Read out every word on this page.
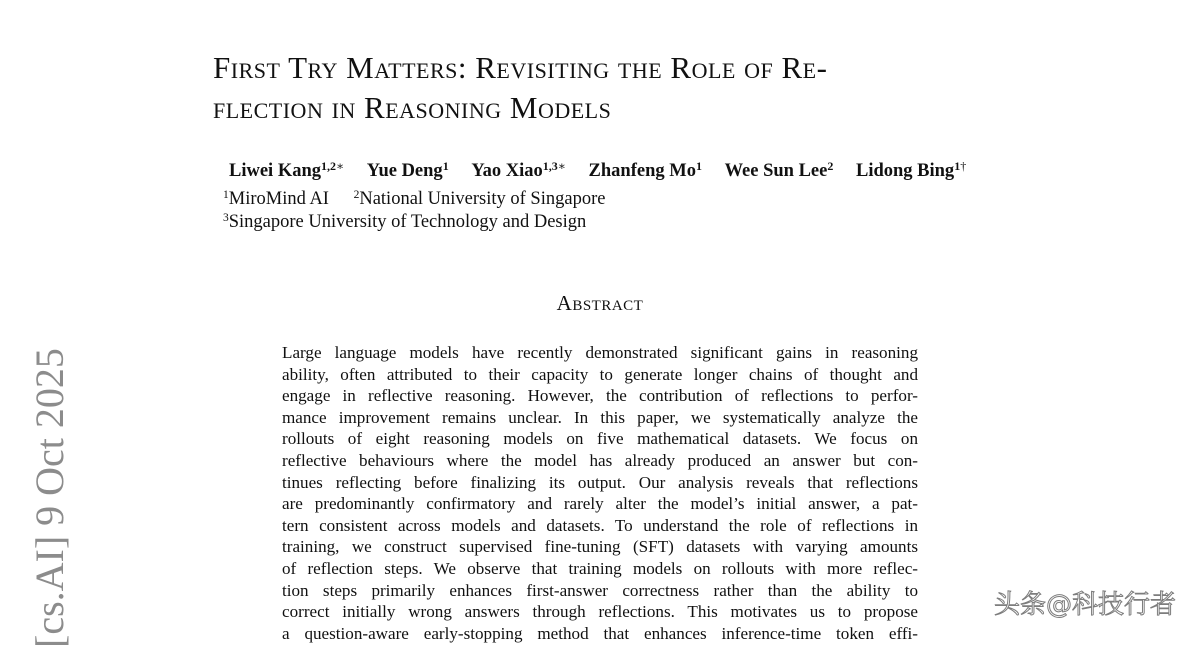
First Try Matters: Revisiting the Role of Re-
flection in Reasoning Models
Liwei Kang$^{1,2∗}$ Yue Deng$^1$ Yao Xiao$^{1,3∗}$ Zhanfeng Mo$^1$ Wee Sun Lee$^2$ Lidong Bing$^{1\dagger}$
$^1$MiroMind AI $^2$National University of Singapore
$^3$Singapore University of Technology and Design
Abstract
Large language models have recently demonstrated significant gains in reasoning
ability, often attributed to their capacity to generate longer chains of thought and
engage in reflective reasoning. However, the contribution of reflections to perfor-
mance improvement remains unclear. In this paper, we systematically analyze the
rollouts of eight reasoning models on five mathematical datasets. We focus on
reflective behaviours where the model has already produced an answer but con-
tinues reflecting before finalizing its output. Our analysis reveals that reflections
are predominantly confirmatory and rarely alter the model’s initial answer, a pat-
tern consistent across models and datasets. To understand the role of reflections in
training, we construct supervised fine-tuning (SFT) datasets with varying amounts
of reflection steps. We observe that training models on rollouts with more reflec-
tion steps primarily enhances first-answer correctness rather than the ability to
correct initially wrong answers through reflections. This motivates us to propose
a question-aware early-stopping method that enhances inference-time token effi-
[cs.AI] 9 Oct 2025	头条@科技行者
